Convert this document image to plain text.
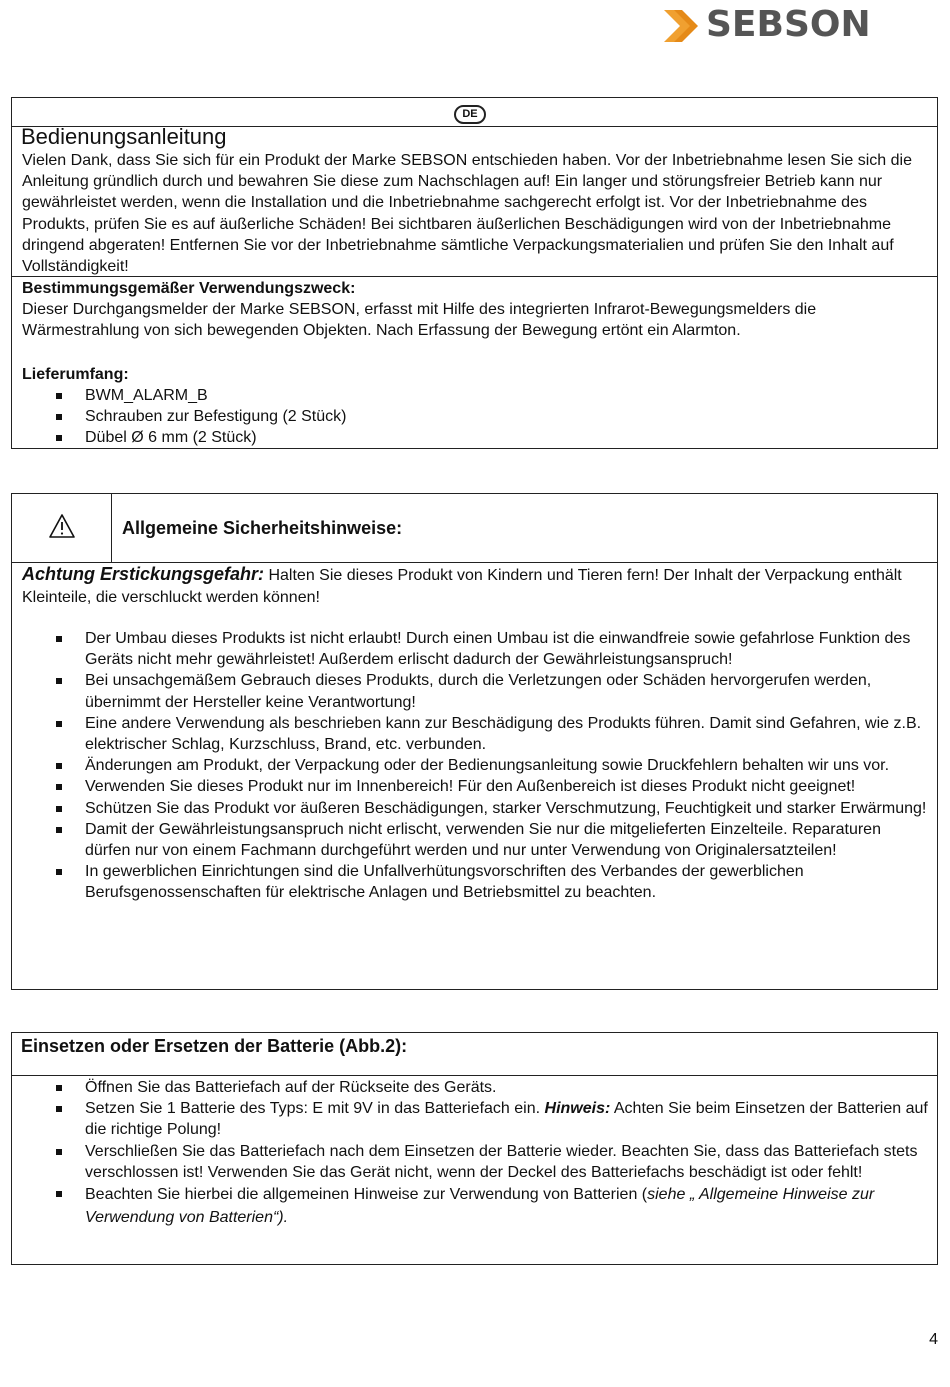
SEBSON
DE
Bedienungsanleitung
Vielen Dank, dass Sie sich für ein Produkt der Marke SEBSON entschieden haben. Vor der Inbetriebnahme lesen Sie sich die Anleitung gründlich durch und bewahren Sie diese zum Nachschlagen auf! Ein langer und störungsfreier Betrieb kann nur gewährleistet werden, wenn die Installation und die Inbetriebnahme sachgerecht erfolgt ist. Vor der Inbetriebnahme des Produkts, prüfen Sie es auf äußerliche Schäden! Bei sichtbaren äußerlichen Beschädigungen wird von der Inbetriebnahme dringend abgeraten! Entfernen Sie vor der Inbetriebnahme sämtliche Verpackungsmaterialien und prüfen Sie den Inhalt auf Vollständigkeit!
Bestimmungsgemäßer Verwendungszweck:
Dieser Durchgangsmelder der Marke SEBSON, erfasst mit Hilfe des integrierten Infrarot-Bewegungsmelders die Wärmestrahlung von sich bewegenden Objekten. Nach Erfassung der Bewegung ertönt ein Alarmton.
Lieferumfang:
BWM_ALARM_B
Schrauben zur Befestigung (2 Stück)
Dübel Ø 6 mm (2 Stück)
Allgemeine Sicherheitshinweise:
Achtung Erstickungsgefahr: Halten Sie dieses Produkt von Kindern und Tieren fern! Der Inhalt der Verpackung enthält Kleinteile, die verschluckt werden können!
Der Umbau dieses Produkts ist nicht erlaubt! Durch einen Umbau ist die einwandfreie sowie gefahrlose Funktion des Geräts nicht mehr gewährleistet! Außerdem erlischt dadurch der Gewährleistungsanspruch!
Bei unsachgemäßem Gebrauch dieses Produkts, durch die Verletzungen oder Schäden hervorgerufen werden, übernimmt der Hersteller keine Verantwortung!
Eine andere Verwendung als beschrieben kann zur Beschädigung des Produkts führen. Damit sind Gefahren, wie z.B. elektrischer Schlag, Kurzschluss, Brand, etc. verbunden.
Änderungen am Produkt, der Verpackung oder der Bedienungsanleitung sowie Druckfehlern behalten wir uns vor.
Verwenden Sie dieses Produkt nur im Innenbereich! Für den Außenbereich ist dieses Produkt nicht geeignet!
Schützen Sie das Produkt vor äußeren Beschädigungen, starker Verschmutzung, Feuchtigkeit und starker Erwärmung!
Damit der Gewährleistungsanspruch nicht erlischt, verwenden Sie nur die mitgelieferten Einzelteile. Reparaturen dürfen nur von einem Fachmann durchgeführt werden und nur unter Verwendung von Originalersatzteilen!
In gewerblichen Einrichtungen sind die Unfallverhütungsvorschriften des Verbandes der gewerblichen Berufsgenossenschaften für elektrische Anlagen und Betriebsmittel zu beachten.
Einsetzen oder Ersetzen der Batterie (Abb.2):
Öffnen Sie das Batteriefach auf der Rückseite des Geräts.
Setzen Sie 1 Batterie des Typs: E mit 9V in das Batteriefach ein. Hinweis: Achten Sie beim Einsetzen der Batterien auf die richtige Polung!
Verschließen Sie das Batteriefach nach dem Einsetzen der Batterie wieder. Beachten Sie, dass das Batteriefach stets verschlossen ist! Verwenden Sie das Gerät nicht, wenn der Deckel des Batteriefachs beschädigt ist oder fehlt!
Beachten Sie hierbei die allgemeinen Hinweise zur Verwendung von Batterien (siehe „ Allgemeine Hinweise zur Verwendung von Batterien“).
4
